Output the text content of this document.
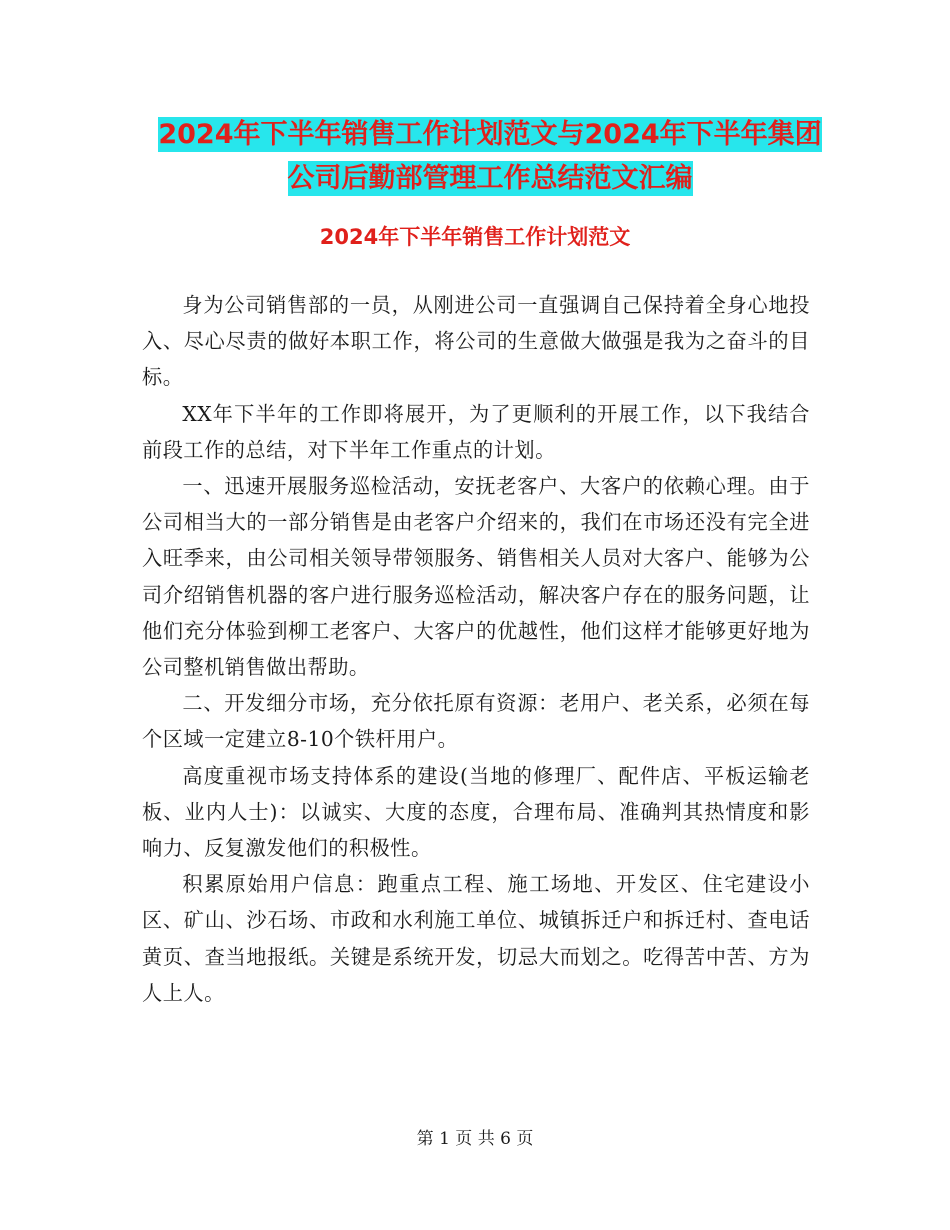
2024年下半年销售工作计划范文与2024年下半年集团
公司后勤部管理工作总结范文汇编
2024年下半年销售工作计划范文

身为公司销售部的一员，从刚进公司一直强调自己保持着全身心地投入、尽心尽责的做好本职工作，将公司的生意做大做强是我为之奋斗的目标。

XX年下半年的工作即将展开，为了更顺利的开展工作，以下我结合前段工作的总结，对下半年工作重点的计划。

一、迅速开展服务巡检活动，安抚老客户、大客户的依赖心理。由于公司相当大的一部分销售是由老客户介绍来的，我们在市场还没有完全进入旺季来，由公司相关领导带领服务、销售相关人员对大客户、能够为公司介绍销售机器的客户进行服务巡检活动，解决客户存在的服务问题，让他们充分体验到柳工老客户、大客户的优越性，他们这样才能够更好地为公司整机销售做出帮助。

二、开发细分市场，充分依托原有资源：老用户、老关系，必须在每个区域一定建立8-10个铁杆用户。

高度重视市场支持体系的建设(当地的修理厂、配件店、平板运输老板、业内人士)：以诚实、大度的态度，合理布局、准确判其热情度和影响力、反复激发他们的积极性。

积累原始用户信息：跑重点工程、施工场地、开发区、住宅建设小区、矿山、沙石场、市政和水利施工单位、城镇拆迁户和拆迁村、查电话黄页、查当地报纸。关键是系统开发，切忌大而划之。吃得苦中苦、方为人上人。

第 1 页 共 6 页
